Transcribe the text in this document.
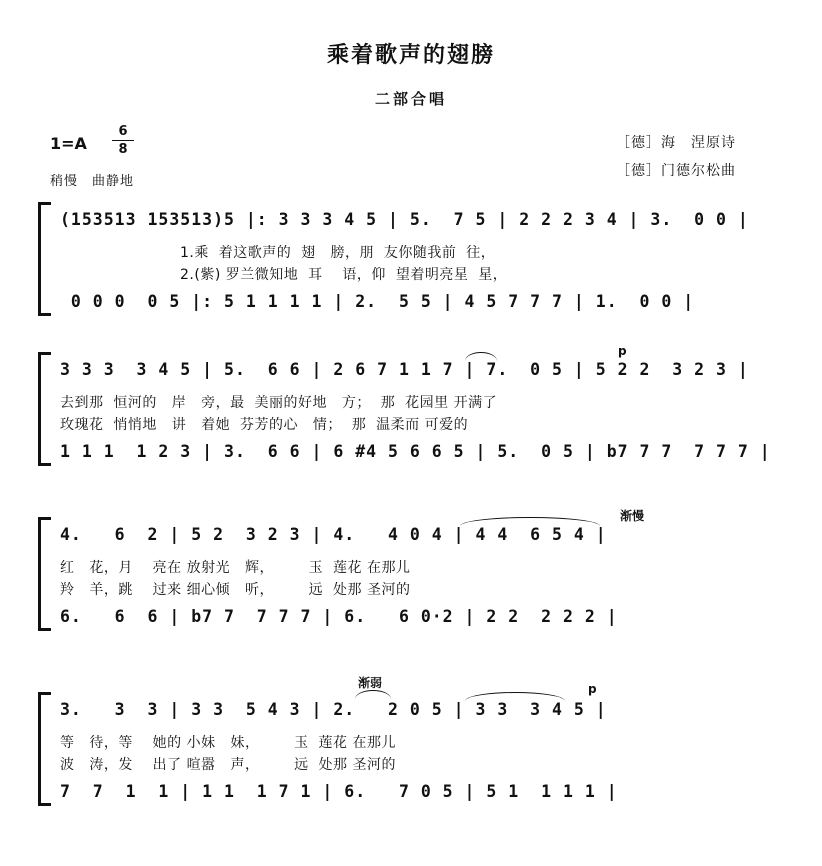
乘着歌声的翅膀
二部合唱
1=A
6
8
稍慢　曲静地
［德］海　涅原诗
［德］门德尔松曲
(153513 153513)5 |: 3 3 3 4 5 | 5.  7 5 | 2 2 2 3 4 | 3.  0 0 |
1.乘  着这歌声的  翅   膀，朋  友你随我前  往，
2.(紫) 罗兰微知地  耳    语，仰  望着明亮星  星，
0 0 0  0 5 |: 5 1 1 1 1 | 2.  5 5 | 4 5 7 7 7 | 1.  0 0 |
p
3 3 3  3 4 5 | 5.  6 6 | 2 6 7 1 1 7 | 7.  0 5 | 5 2 2  3 2 3 |
去到那  恒河的   岸   旁，最  美丽的好地   方；  那  花园里 开满了
玫瑰花  悄悄地   讲   着她  芬芳的心   情；  那  温柔而 可爱的
1 1 1  1 2 3 | 3.  6 6 | 6 #4 5 6 6 5 | 5.  0 5 | b7 7 7  7 7 7 |
渐慢
4.   6  2 | 5 2  3 2 3 | 4.   4 0 4 | 4 4  6 5 4 |
红   花，月    亮在 放射光   辉，       玉  莲花 在那儿
羚   羊，跳    过来 细心倾   听，       远  处那 圣河的
6.   6  6 | b7 7  7 7 7 | 6.   6 0·2 | 2 2  2 2 2 |
渐弱	p
3.   3  3 | 3 3  5 4 3 | 2.   2 0 5 | 3 3  3 4 5 |
等   待，等    她的 小妹   妹，       玉  莲花 在那儿
波   涛，发    出了 喧嚣   声，       远  处那 圣河的
7  7  1  1 | 1 1  1 7 1 | 6.   7 0 5 | 5 1  1 1 1 |
